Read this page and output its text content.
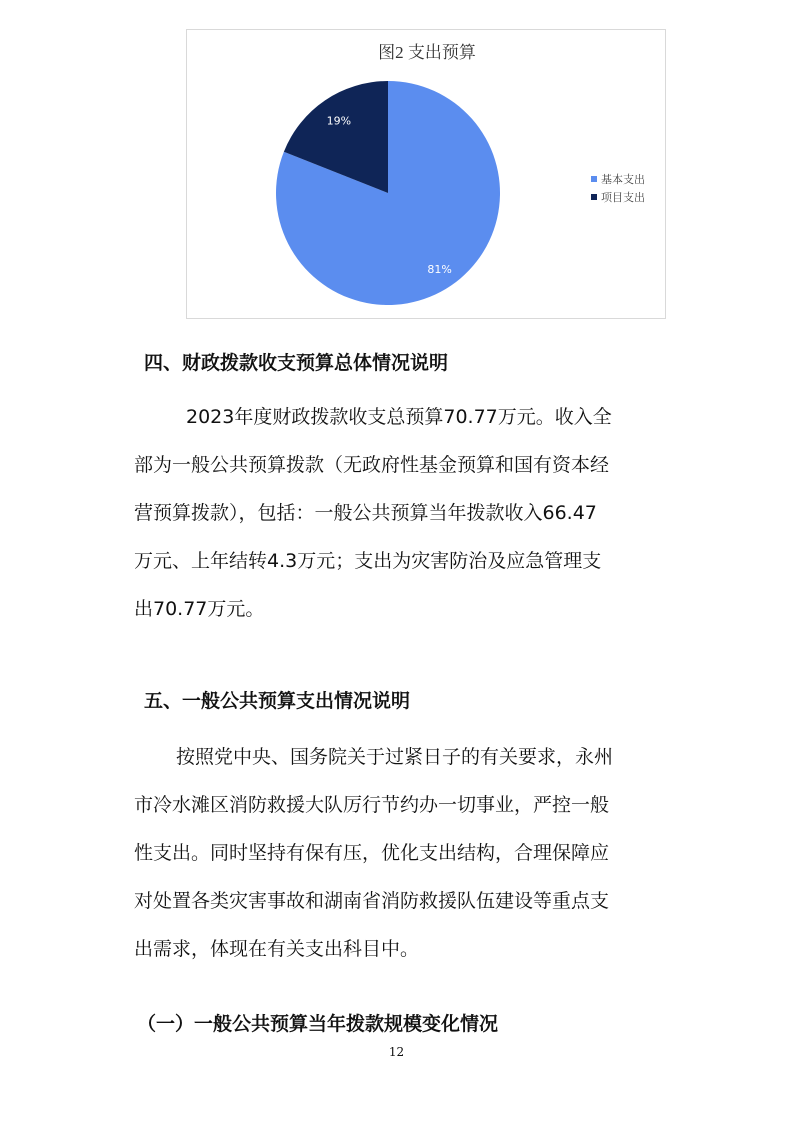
图2 支出预算
81%
19%
基本支出
项目支出
四、财政拨款收支预算总体情况说明
2023年度财政拨款收支总预算70.77万元。收入全
部为一般公共预算拨款（无政府性基金预算和国有资本经
营预算拨款），包括：一般公共预算当年拨款收入66.47
万元、上年结转4.3万元；支出为灾害防治及应急管理支
出70.77万元。
五、一般公共预算支出情况说明
按照党中央、国务院关于过紧日子的有关要求，永州
市冷水滩区消防救援大队厉行节约办一切事业，严控一般
性支出。同时坚持有保有压，优化支出结构，合理保障应
对处置各类灾害事故和湖南省消防救援队伍建设等重点支
出需求，体现在有关支出科目中。
（一）一般公共预算当年拨款规模变化情况
12
